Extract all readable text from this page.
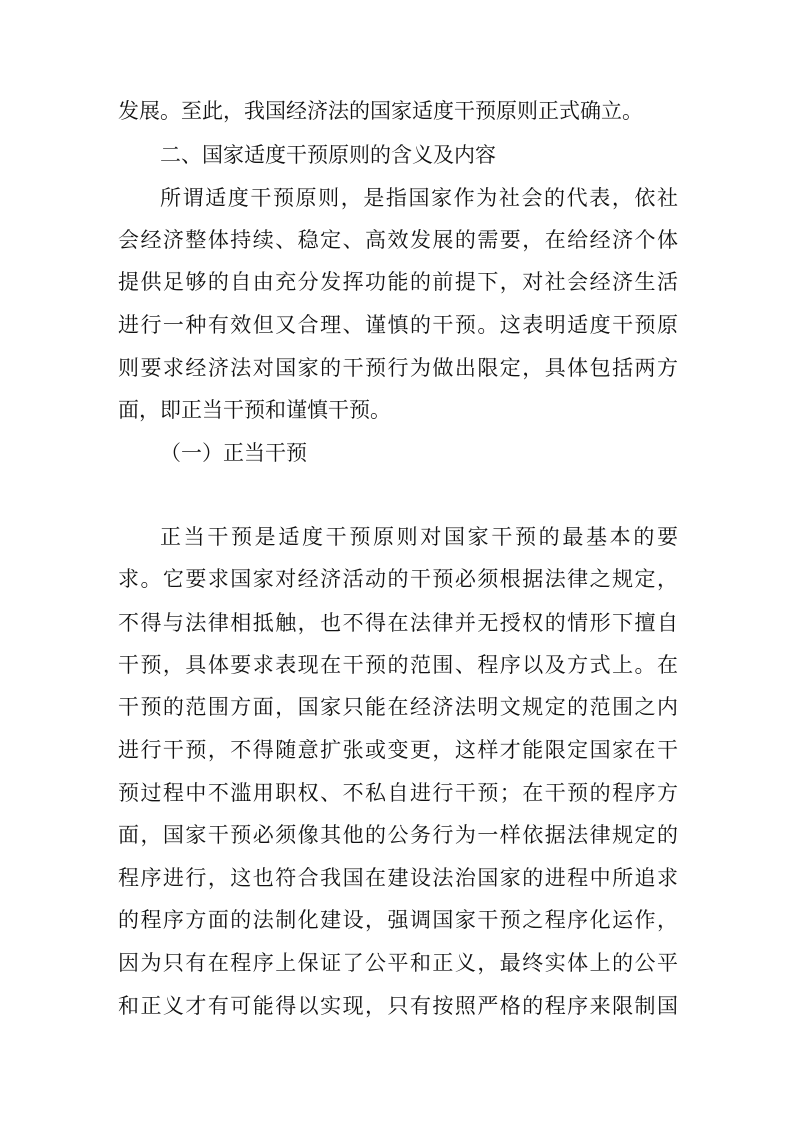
发展。至此，我国经济法的国家适度干预原则正式确立。
二、国家适度干预原则的含义及内容
所谓适度干预原则，是指国家作为社会的代表，依社
会经济整体持续、稳定、高效发展的需要，在给经济个体
提供足够的自由充分发挥功能的前提下，对社会经济生活
进行一种有效但又合理、谨慎的干预。这表明适度干预原
则要求经济法对国家的干预行为做出限定，具体包括两方
面，即正当干预和谨慎干预。
（一）正当干预
正当干预是适度干预原则对国家干预的最基本的要
求。它要求国家对经济活动的干预必须根据法律之规定，
不得与法律相抵触，也不得在法律并无授权的情形下擅自
干预，具体要求表现在干预的范围、程序以及方式上。在
干预的范围方面，国家只能在经济法明文规定的范围之内
进行干预，不得随意扩张或变更，这样才能限定国家在干
预过程中不滥用职权、不私自进行干预；在干预的程序方
面，国家干预必须像其他的公务行为一样依据法律规定的
程序进行，这也符合我国在建设法治国家的进程中所追求
的程序方面的法制化建设，强调国家干预之程序化运作，
因为只有在程序上保证了公平和正义，最终实体上的公平
和正义才有可能得以实现，只有按照严格的程序来限制国
